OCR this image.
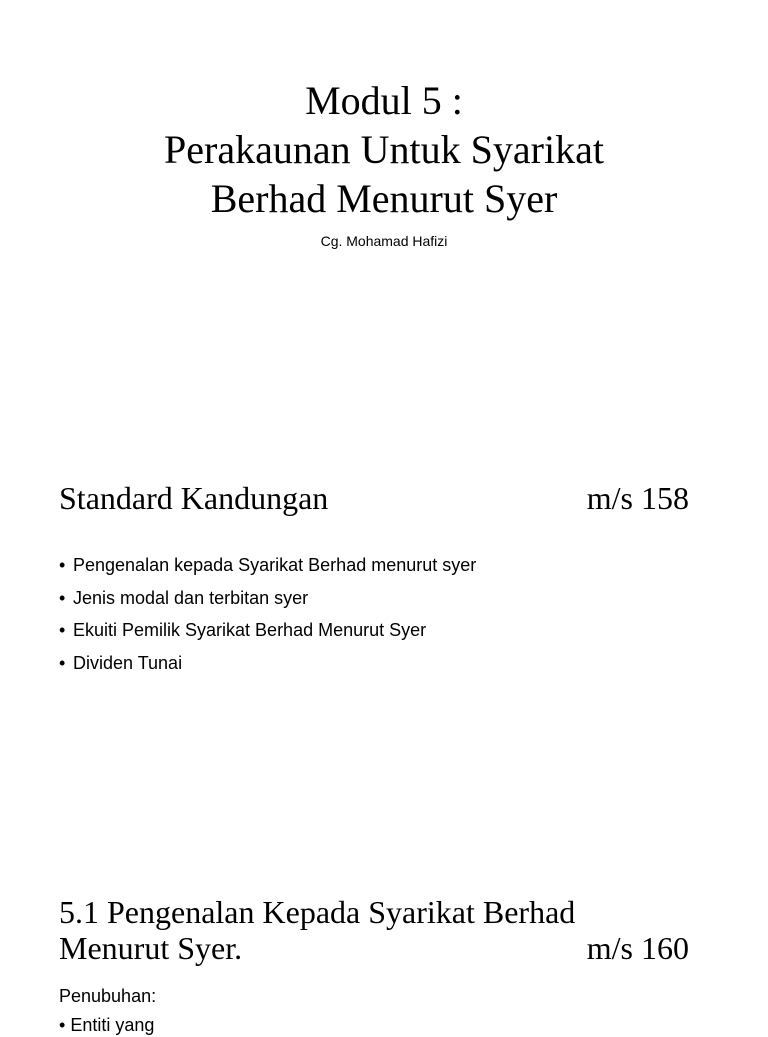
Modul 5 :
Perakaunan Untuk Syarikat
Berhad Menurut Syer
Cg. Mohamad Hafizi
Standard Kandungan	m/s 158
• Pengenalan kepada Syarikat Berhad menurut syer
• Jenis modal dan terbitan syer
• Ekuiti Pemilik Syarikat Berhad Menurut Syer
• Dividen Tunai
5.1 Pengenalan Kepada Syarikat Berhad
Menurut Syer.	m/s 160
Penubuhan:
• Entiti yang
